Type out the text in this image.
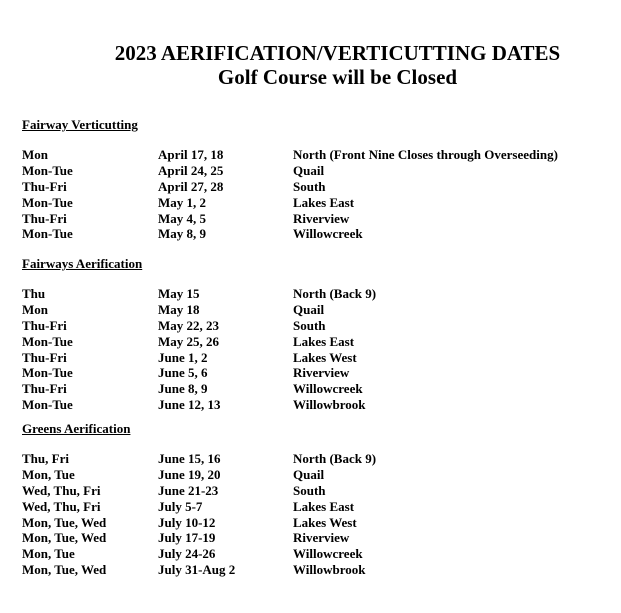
2023 AERIFICATION/VERTICUTTING DATES
Golf Course will be Closed
Fairway Verticutting
Mon	April 17, 18	North (Front Nine Closes through Overseeding)
Mon-Tue	April 24, 25	Quail
Thu-Fri	April 27, 28	South
Mon-Tue	May 1, 2	Lakes East
Thu-Fri	May 4, 5	Riverview
Mon-Tue	May 8, 9	Willowcreek
Fairways Aerification
Thu	May 15	North (Back 9)
Mon	May 18	Quail
Thu-Fri	May 22, 23	South
Mon-Tue	May 25, 26	Lakes East
Thu-Fri	June 1, 2	Lakes West
Mon-Tue	June 5, 6	Riverview
Thu-Fri	June 8, 9	Willowcreek
Mon-Tue	June 12, 13	Willowbrook
Greens Aerification
Thu, Fri	June 15, 16	North (Back 9)
Mon, Tue	June 19, 20	Quail
Wed, Thu, Fri	June 21-23	South
Wed, Thu, Fri	July 5-7	Lakes East
Mon, Tue, Wed	July 10-12	Lakes West
Mon, Tue, Wed	July 17-19	Riverview
Mon, Tue	July 24-26	Willowcreek
Mon, Tue, Wed	July 31-Aug 2	Willowbrook
